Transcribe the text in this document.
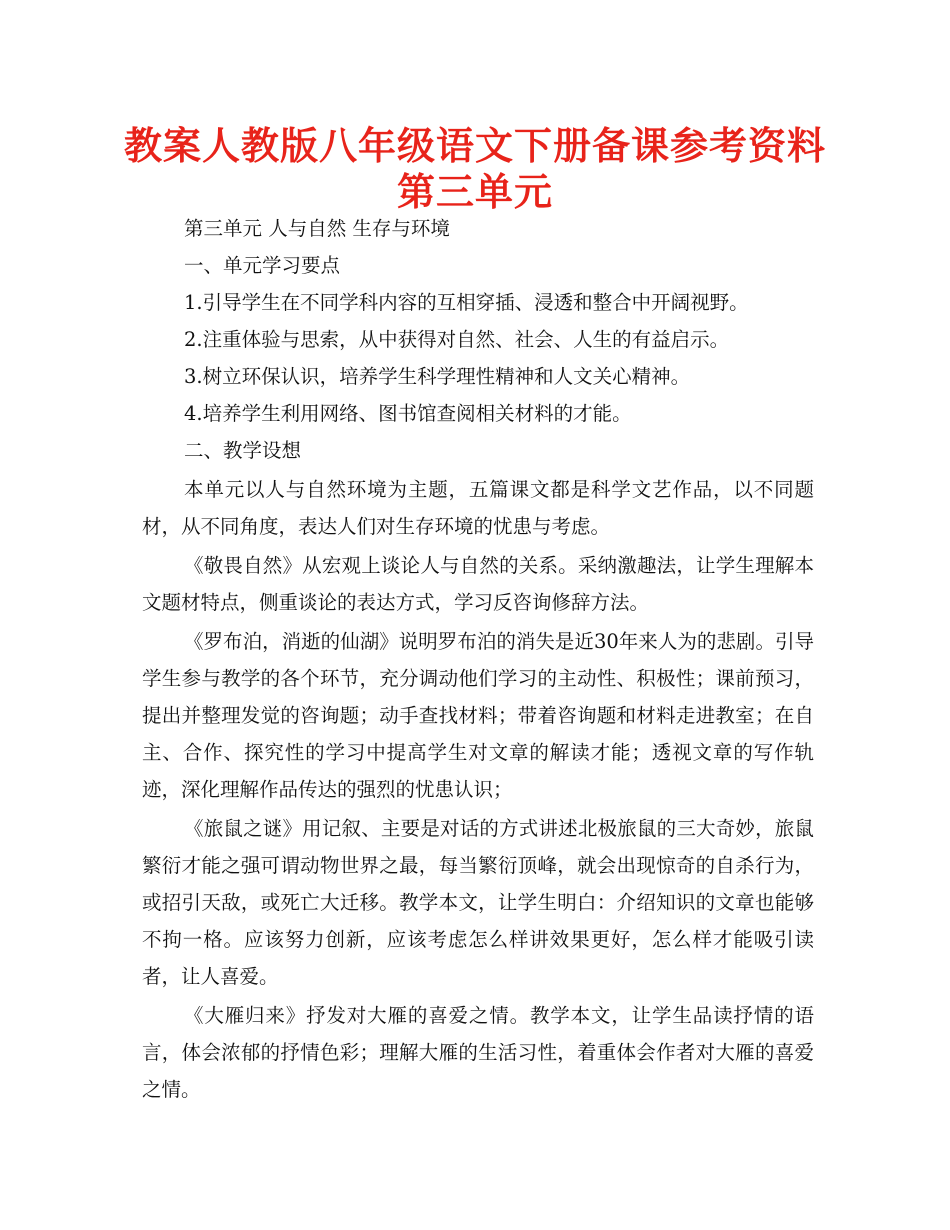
教案人教版八年级语文下册备课参考资料
第三单元

第三单元 人与自然 生存与环境

一、单元学习要点

1.引导学生在不同学科内容的互相穿插、浸透和整合中开阔视野。

2.注重体验与思索，从中获得对自然、社会、人生的有益启示。

3.树立环保认识，培养学生科学理性精神和人文关心精神。

4.培养学生利用网络、图书馆查阅相关材料的才能。

二、教学设想

本单元以人与自然环境为主题，五篇课文都是科学文艺作品，以不同题材，从不同角度，表达人们对生存环境的忧患与考虑。

《敬畏自然》从宏观上谈论人与自然的关系。采纳激趣法，让学生理解本文题材特点，侧重谈论的表达方式，学习反咨询修辞方法。

《罗布泊，消逝的仙湖》说明罗布泊的消失是近30年来人为的悲剧。引导学生参与教学的各个环节，充分调动他们学习的主动性、积极性；课前预习，提出并整理发觉的咨询题；动手查找材料；带着咨询题和材料走进教室；在自主、合作、探究性的学习中提高学生对文章的解读才能；透视文章的写作轨迹，深化理解作品传达的强烈的忧患认识；

《旅鼠之谜》用记叙、主要是对话的方式讲述北极旅鼠的三大奇妙，旅鼠繁衍才能之强可谓动物世界之最，每当繁衍顶峰，就会出现惊奇的自杀行为，或招引天敌，或死亡大迁移。教学本文，让学生明白：介绍知识的文章也能够不拘一格。应该努力创新，应该考虑怎么样讲效果更好，怎么样才能吸引读者，让人喜爱。

《大雁归来》抒发对大雁的喜爱之情。教学本文，让学生品读抒情的语言，体会浓郁的抒情色彩；理解大雁的生活习性，着重体会作者对大雁的喜爱之情。
